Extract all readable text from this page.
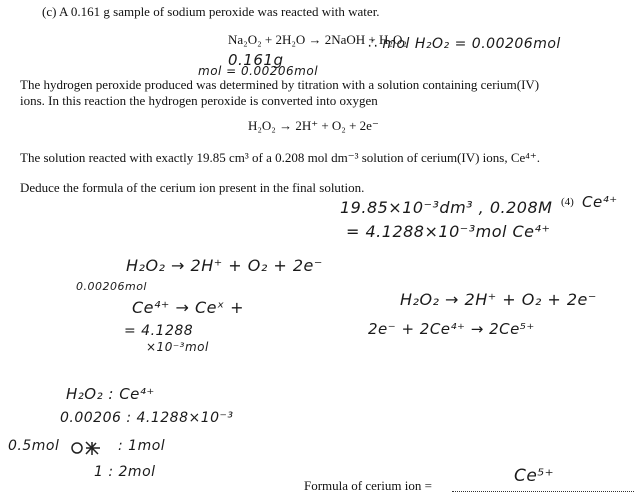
(c) A 0.161 g sample of sodium peroxide was reacted with water.
Na₂O₂ + 2H₂O → 2NaOH + H₂O₂
0.161g
mol = 0.00206mol
∴ mol H₂O₂ = 0.00206mol
The hydrogen peroxide produced was determined by titration with a solution containing cerium(IV)
ions. In this reaction the hydrogen peroxide is converted into oxygen
H₂O₂ → 2H⁺ + O₂ + 2e⁻
The solution reacted with exactly 19.85 cm³ of a 0.208 mol dm⁻³ solution of cerium(IV) ions, Ce⁴⁺.
Deduce the formula of the cerium ion present in the final solution.
19.85×10⁻³dm³ , 0.208M (4) Ce⁴⁺
= 4.1288×10⁻³mol Ce⁴⁺
H₂O₂ → 2H⁺ + O₂ + 2e⁻
0.00206mol
Ce⁴⁺ → Ceˣ +
= 4.1288
×10⁻³mol
H₂O₂ → 2H⁺ + O₂ + 2e⁻
2e⁻ + 2Ce⁴⁺ → 2Ce⁵⁺
H₂O₂ : Ce⁴⁺
0.00206 : 4.1288×10⁻³
0.5mol	: 1mol
1 : 2mol
Formula of cerium ion =	Ce⁵⁺
